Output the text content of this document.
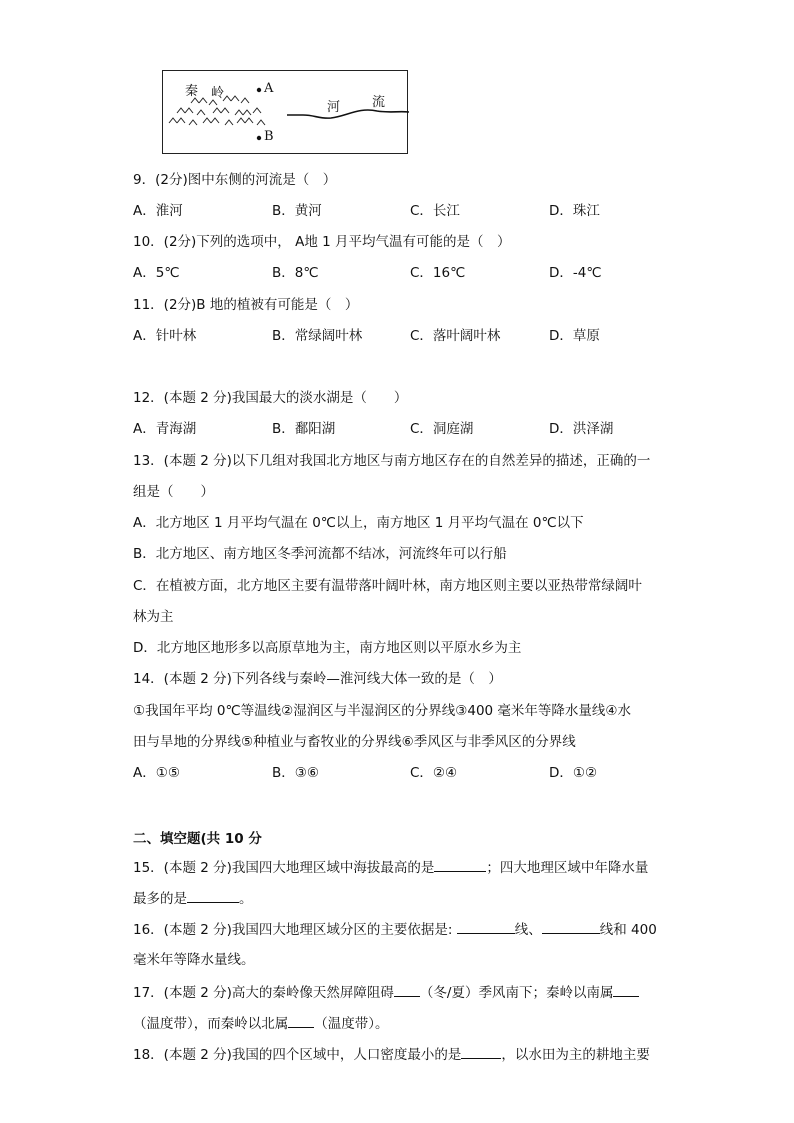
秦 岭	A
B
河 流
9．(2分)图中东侧的河流是（　）
A．淮河	B．黄河	C．长江	D．珠江
10．(2分)下列的选项中， A地 1 月平均气温有可能的是（　）
A．5℃	B．8℃	C．16℃	D．-4℃
11．(2分)B 地的植被有可能是（　）
A．针叶林	B．常绿阔叶林	C．落叶阔叶林	D．草原
12．(本题 2 分)我国最大的淡水湖是（　　）
A．青海湖	B．鄱阳湖	C．洞庭湖	D．洪泽湖
13．(本题 2 分)以下几组对我国北方地区与南方地区存在的自然差异的描述，正确的一
组是（　　）
A．北方地区 1 月平均气温在 0℃以上，南方地区 1 月平均气温在 0℃以下
B．北方地区、南方地区冬季河流都不结冰，河流终年可以行船
C．在植被方面，北方地区主要有温带落叶阔叶林，南方地区则主要以亚热带常绿阔叶
林为主
D．北方地区地形多以高原草地为主，南方地区则以平原水乡为主
14．(本题 2 分)下列各线与秦岭—淮河线大体一致的是（　）
①我国年平均 0℃等温线②湿润区与半湿润区的分界线③400 毫米年等降水量线④水
田与旱地的分界线⑤种植业与畜牧业的分界线⑥季风区与非季风区的分界线
A．①⑤	B．③⑥	C．②④	D．①②
二、填空题(共 10 分
15．(本题 2 分)我国四大地理区域中海拔最高的是	；四大地理区域中年降水量
最多的是	。
16．(本题 2 分)我国四大地理区域分区的主要依据是:	线、	线和 400
毫米年等降水量线。
17．(本题 2 分)高大的秦岭像天然屏障阻碍 （冬/夏）季风南下；秦岭以南属
（温度带），而秦岭以北属 （温度带）。
18．(本题 2 分)我国的四个区域中，人口密度最小的是	，以水田为主的耕地主要
